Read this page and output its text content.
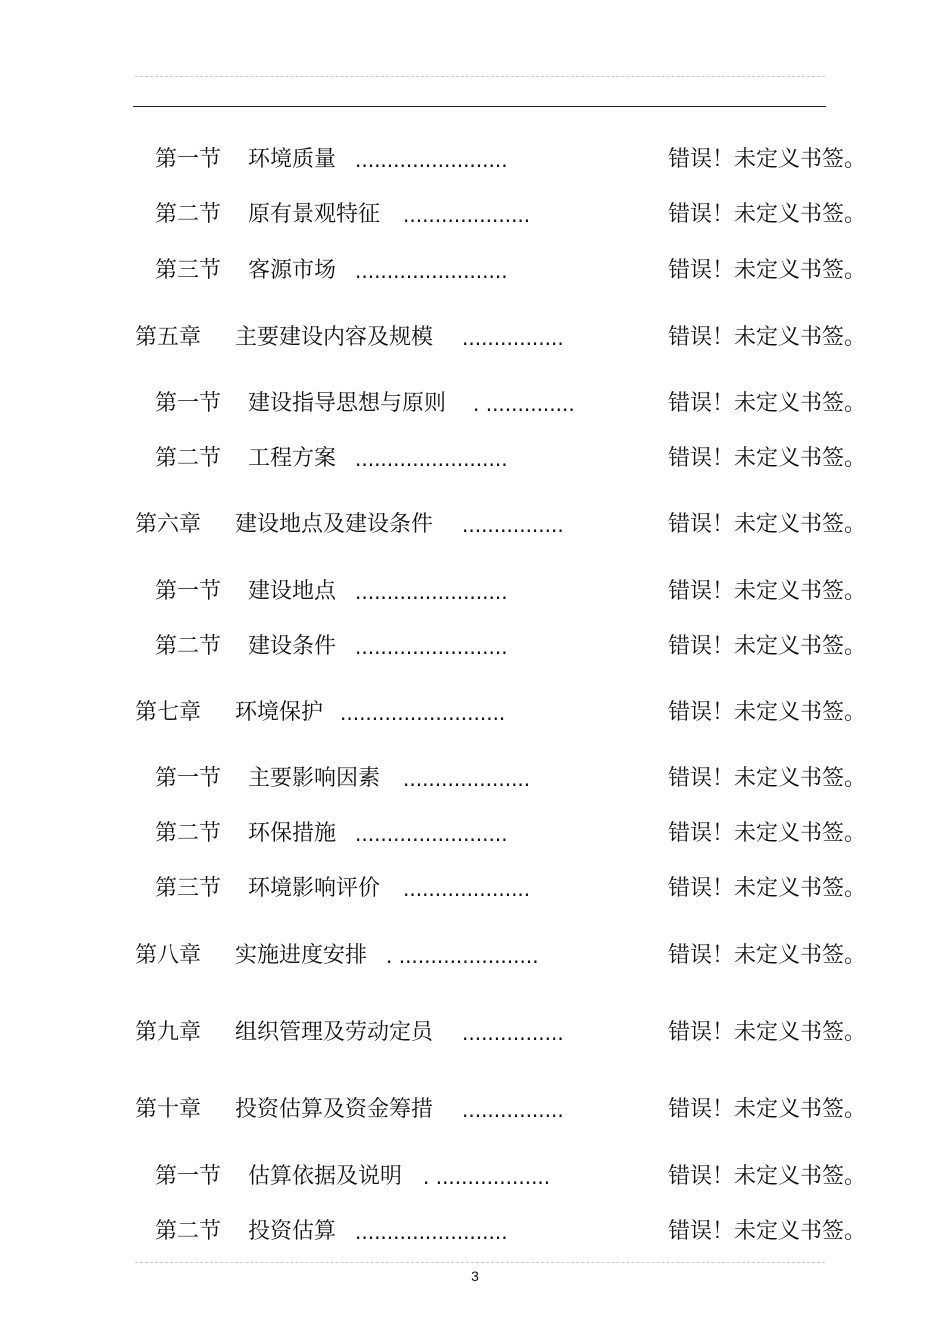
第一节 环境质量 ........................	错误！未定义书签。
第二节 原有景观特征 ....................	错误！未定义书签。
第三节 客源市场 ........................	错误！未定义书签。
第五章 主要建设内容及规模 ................	错误！未定义书签。
第一节 建设指导思想与原则 . ..............	错误！未定义书签。
第二节 工程方案 ........................	错误！未定义书签。
第六章 建设地点及建设条件 ................	错误！未定义书签。
第一节 建设地点 ........................	错误！未定义书签。
第二节 建设条件 ........................	错误！未定义书签。
第七章 环境保护 ..........................	错误！未定义书签。
第一节 主要影响因素 ....................	错误！未定义书签。
第二节 环保措施 ........................	错误！未定义书签。
第三节 环境影响评价 ....................	错误！未定义书签。
第八章 实施进度安排 . ......................	错误！未定义书签。
第九章 组织管理及劳动定员 ................	错误！未定义书签。
第十章 投资估算及资金筹措 ................	错误！未定义书签。
第一节 估算依据及说明 . ..................	错误！未定义书签。
第二节 投资估算 ........................	错误！未定义书签。
3
